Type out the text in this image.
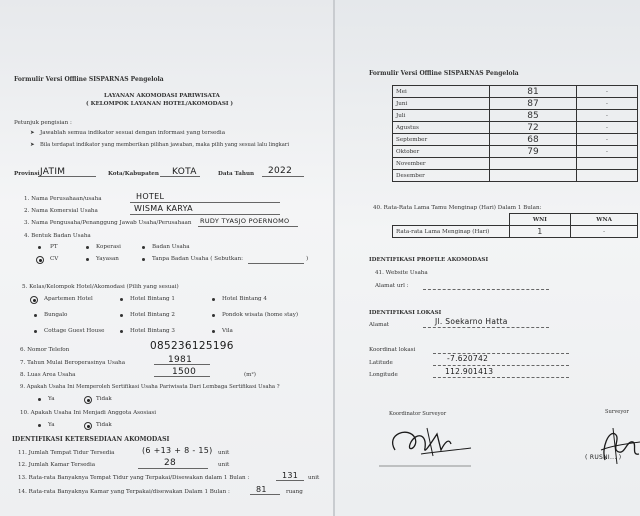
Formulir Versi Offline SISPARNAS Pengelola
LAYANAN AKOMODASI PARIWISATA
( KELOMPOK LAYANAN HOTEL/AKOMODASI )
Petunjuk pengisian :
➤ Jawablah semua indikator sesuai dengan informasi yang tersedia
➤ Bila terdapat indikator yang memberikan pilihan jawaban, maka pilih yang sesuai lalu lingkari
Provinsi JATIM	Kota/Kabupaten KOTA	Data Tahun 2022
1. Nama Perusahaan/usaha	HOTEL
2. Nama Komersial Usaha	WISMA KARYA
3. Nama Pengusaha/Penanggung Jawab Usaha/Perusahaan RUDY TYASJO POERNOMO
4. Bentuk Badan Usaha
PT	Koperasi	Badan Usaha
CV	Yayasan	Tanpa Badan Usaha ( Sebutkan:	)
5. Kelas/Kelompok Hotel/Akomodasi (Pilih yang sesuai)
Apartemen Hotel	Hotel Bintang 1	Hotel Bintang 4
Bungalo	Hotel Bintang 2	Pondok wisata (home stay)
Cottage Guest House	Hotel Bintang 3	Vila
6. Nomor Telefon	085236125196
7. Tahun Mulai Beroperasinya Usaha	1981
8. Luas Area Usaha	1500	(m²)
9. Apakah Usaha Ini Memperoleh Sertifikasi Usaha Pariwisata Dari Lembaga Sertifikasi Usaha ?
Ya	Tidak
10. Apakah Usaha Ini Menjadi Anggota Asosiasi
Ya	Tidak
IDENTIFIKASI KETERSEDIAAN AKOMODASI
11. Jumlah Tempat Tidur Tersedia	(6 +13 + 8 - 15) unit
12. Jumlah Kamar Tersedia	28	unit
13. Rata-rata Banyaknya Tempat Tidur yang Terpakai/Disewakan dalam 1 Bulan :	131 unit
14. Rata-rata Banyaknya Kamar yang Terpakai/disewakan Dalam 1 Bulan :	81	ruang
Formulir Versi Offline SISPARNAS Pengelola
Mei	81	-
Juni	87	-
Juli	85	-
Agustus	72	-
September	68	-
Oktober	79	-
November		
Desember		
40. Rata-Rata Lama Tamu Menginap (Hari) Dalam 1 Bulan:
	WNI	WNA
Rata-rata Lama Menginap (Hari)	1	-
IDENTIFIKASI PROFILE AKOMODASI
41. Website Usaha
Alamat url :
IDENTIFIKASI LOKASI
Alamat	Jl. Soekarno Hatta
Koordinat lokasi
Latitude	-7.620742
Longitude	112.901413
Koordinator Surveyor	Surveyor
( RUSNI... )
